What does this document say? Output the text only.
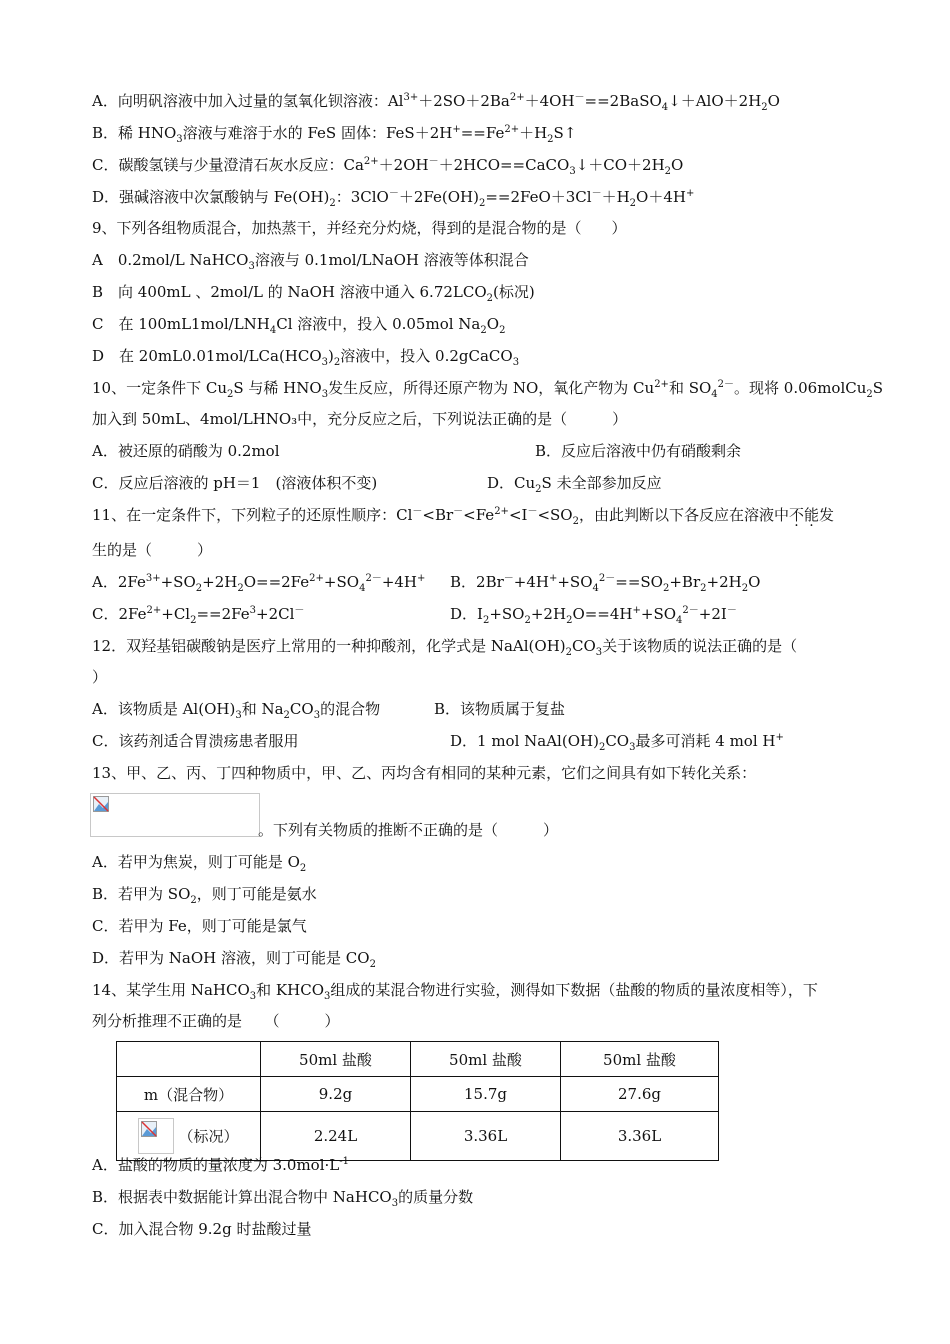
A．向明矾溶液中加入过量的氢氧化钡溶液：$Al^{3+}+2SO+2Ba^{2+}+4OH^-==2BaSO_4↓+AlO+2H_2O$
B．稀 $HNO_3$溶液与难溶于水的 FeS 固体：$FeS+2H^+==Fe^{2+}+H_2S↑$
C．碳酸氢镁与少量澄清石灰水反应：$Ca^{2+}+2OH^-+2HCO==CaCO_3↓+CO+2H_2O$
D．强碱溶液中次氯酸钠与 $Fe(OH)_2$：$3ClO^-+2Fe(OH)_2==2FeO+3Cl^-+H_2O+4H^+$
9、下列各组物质混合，加热蒸干，并经充分灼烧，得到的是混合物的是（　　）
A　0.2mol/L NaHCO$_3$溶液与 0.1mol/LNaOH 溶液等体积混合
B　向 400mL 、2mol/L 的 NaOH 溶液中通入 $6.72LCO_2$(标况)
C　在 $100mL1mol/LNH_4Cl$ 溶液中，投入 0.05mol $Na_2O_2$
D　在 $20mL0.01mol/LCa(HCO_3)_2$溶液中，投入 0.2gCaCO$_3$
10、一定条件下 $Cu_2S$ 与稀 $HNO_3$发生反应，所得还原产物为 NO，氧化产物为 $Cu^{2+}$和 $SO_4^{2-}$。现将 0.06molCu$_2$S
加入到 50mL、4mol/LHNO₃中，充分反应之后，下列说法正确的是（　　　）
A．被还原的硝酸为 0.2mol	B．反应后溶液中仍有硝酸剩余
C．反应后溶液的 pH＝1　(溶液体积不变)	D．$Cu_2S$ 未全部参加反应
11、在一定条件下，下列粒子的还原性顺序：$Cl^-<Br^-<Fe^{2+}<I^-<SO_2$，由此判断以下各反应在溶液中不能发
生的是（　　　）
A．$2Fe^{3+}+SO_2+2H_2O==2Fe^{2+}+SO_4^{2-}+4H^+$ B．$2Br^-+4H^++SO_4^{2-}==SO_2+Br_2+2H_2O$
C．$2Fe^{2+}+Cl_2==2Fe^3+2Cl^-$	D．$I_2+SO_2+2H_2O==4H^++SO_4^{2-}+2I^-$
12．双羟基铝碳酸钠是医疗上常用的一种抑酸剂，化学式是 $NaAl(OH)_2CO_3$关于该物质的说法正确的是（
）
A．该物质是 $Al(OH)_3$和 $Na_2CO_3$的混合物	B．该物质属于复盐
C．该药剂适合胃溃疡患者服用	D．1 mol $NaAl(OH)_2CO_3$最多可消耗 4 mol H+
13、甲、乙、丙、丁四种物质中，甲、乙、丙均含有相同的某种元素，它们之间具有如下转化关系：
。下列有关物质的推断不正确的是（　　　）
A．若甲为焦炭，则丁可能是 $O_2$
B．若甲为 $SO_2$，则丁可能是氨水
C．若甲为 Fe，则丁可能是氯气
D．若甲为 NaOH 溶液，则丁可能是 $CO_2$
14、某学生用 NaHCO$_3$和 $KHCO_3$组成的某混合物进行实验，测得如下数据（盐酸的物质的量浓度相等），下
列分析推理不正确的是　　（　　　）
	50ml 盐酸	50ml 盐酸	50ml 盐酸
m（混合物）	9.2g	15.7g	27.6g

（标况）	2.24L	3.36L	3.36L
A．盐酸的物质的量浓度为 $3.0mol\cdot L^{-1}$
B．根据表中数据能计算出混合物中 NaHCO$_3$的质量分数
C．加入混合物 9.2g 时盐酸过量
